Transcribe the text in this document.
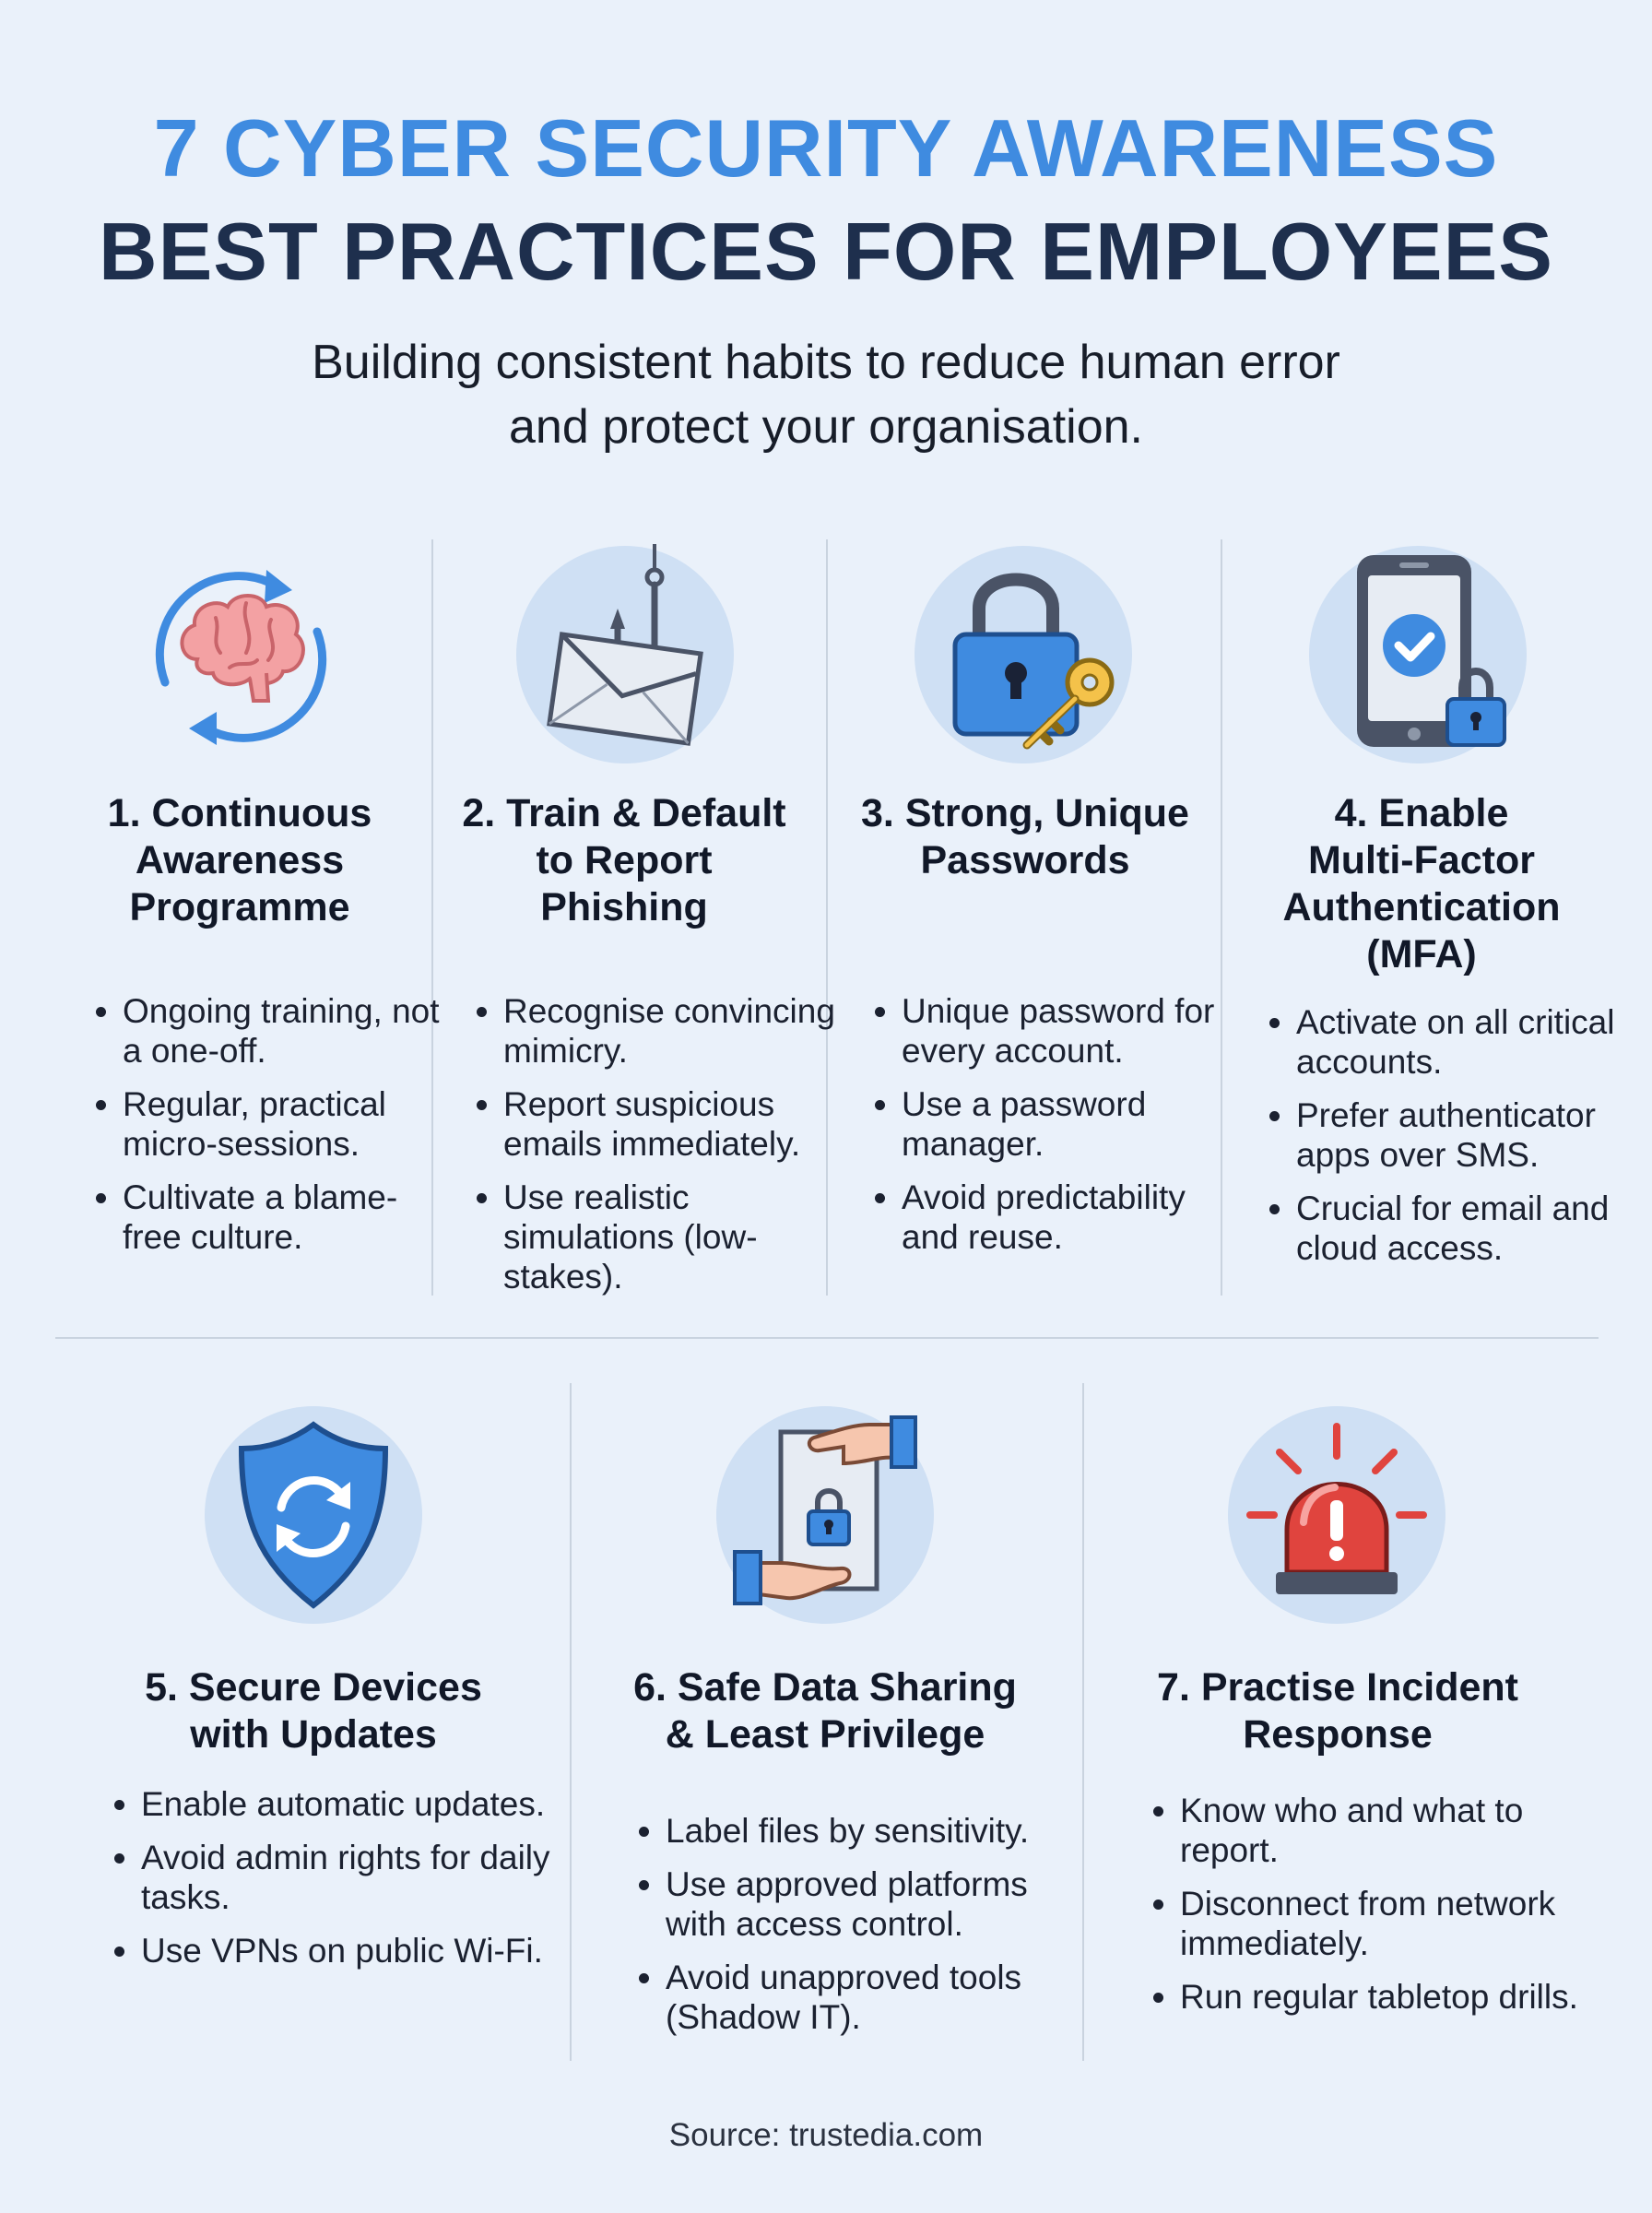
7 CYBER SECURITY AWARENESS
BEST PRACTICES FOR EMPLOYEES
Building consistent habits to reduce human error
and protect your organisation.
1. Continuous
Awareness
Programme
• Ongoing training, not a one-off.
• Regular, practical micro-sessions.
• Cultivate a blame-free culture.
2. Train & Default
to Report
Phishing
• Recognise convincing mimicry.
• Report suspicious emails immediately.
• Use realistic simulations (low-stakes).
3. Strong, Unique
Passwords
• Unique password for every account.
• Use a password manager.
• Avoid predictability and reuse.
4. Enable
Multi-Factor
Authentication
(MFA)
• Activate on all critical accounts.
• Prefer authenticator apps over SMS.
• Crucial for email and cloud access.
5. Secure Devices
with Updates
• Enable automatic updates.
• Avoid admin rights for daily tasks.
• Use VPNs on public Wi-Fi.
6. Safe Data Sharing
& Least Privilege
• Label files by sensitivity.
• Use approved platforms with access control.
• Avoid unapproved tools (Shadow IT).
7. Practise Incident
Response
• Know who and what to report.
• Disconnect from network immediately.
• Run regular tabletop drills.
Source: trustedia.com
